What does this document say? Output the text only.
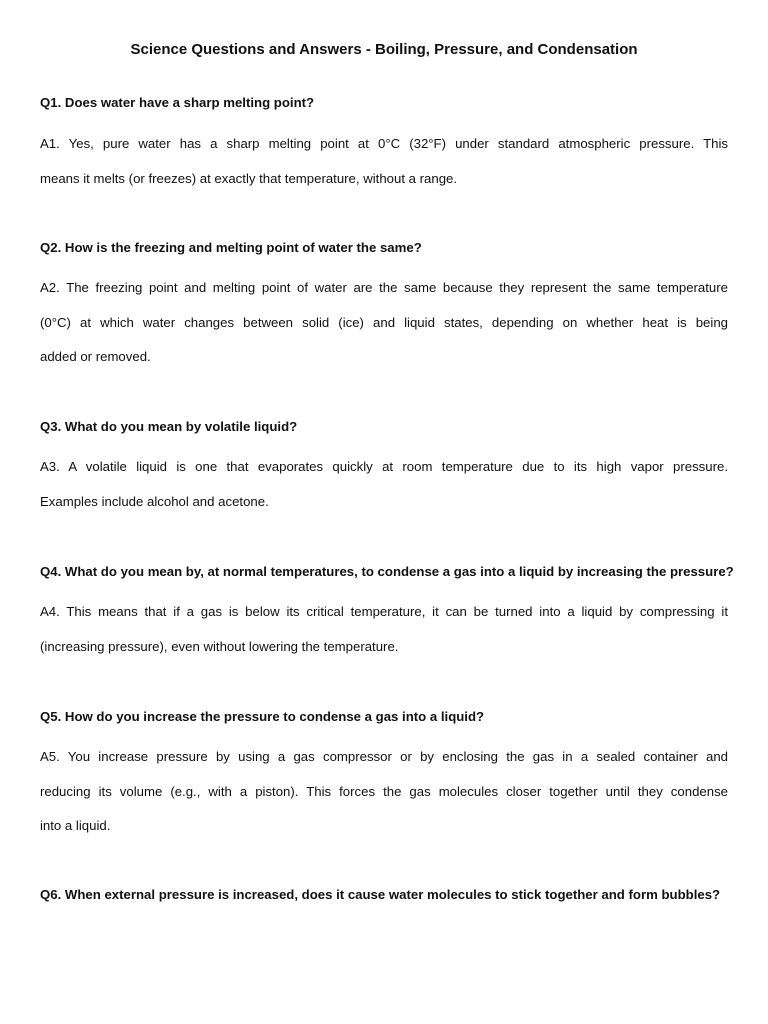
Science Questions and Answers - Boiling, Pressure, and Condensation

Q1. Does water have a sharp melting point?

A1. Yes, pure water has a sharp melting point at 0°C (32°F) under standard atmospheric pressure. This
means it melts (or freezes) at exactly that temperature, without a range.

Q2. How is the freezing and melting point of water the same?

A2. The freezing point and melting point of water are the same because they represent the same temperature
(0°C) at which water changes between solid (ice) and liquid states, depending on whether heat is being
added or removed.

Q3. What do you mean by volatile liquid?

A3. A volatile liquid is one that evaporates quickly at room temperature due to its high vapor pressure.
Examples include alcohol and acetone.

Q4. What do you mean by, at normal temperatures, to condense a gas into a liquid by increasing the pressure?

A4. This means that if a gas is below its critical temperature, it can be turned into a liquid by compressing it
(increasing pressure), even without lowering the temperature.

Q5. How do you increase the pressure to condense a gas into a liquid?

A5. You increase pressure by using a gas compressor or by enclosing the gas in a sealed container and
reducing its volume (e.g., with a piston). This forces the gas molecules closer together until they condense
into a liquid.

Q6. When external pressure is increased, does it cause water molecules to stick together and form bubbles?
